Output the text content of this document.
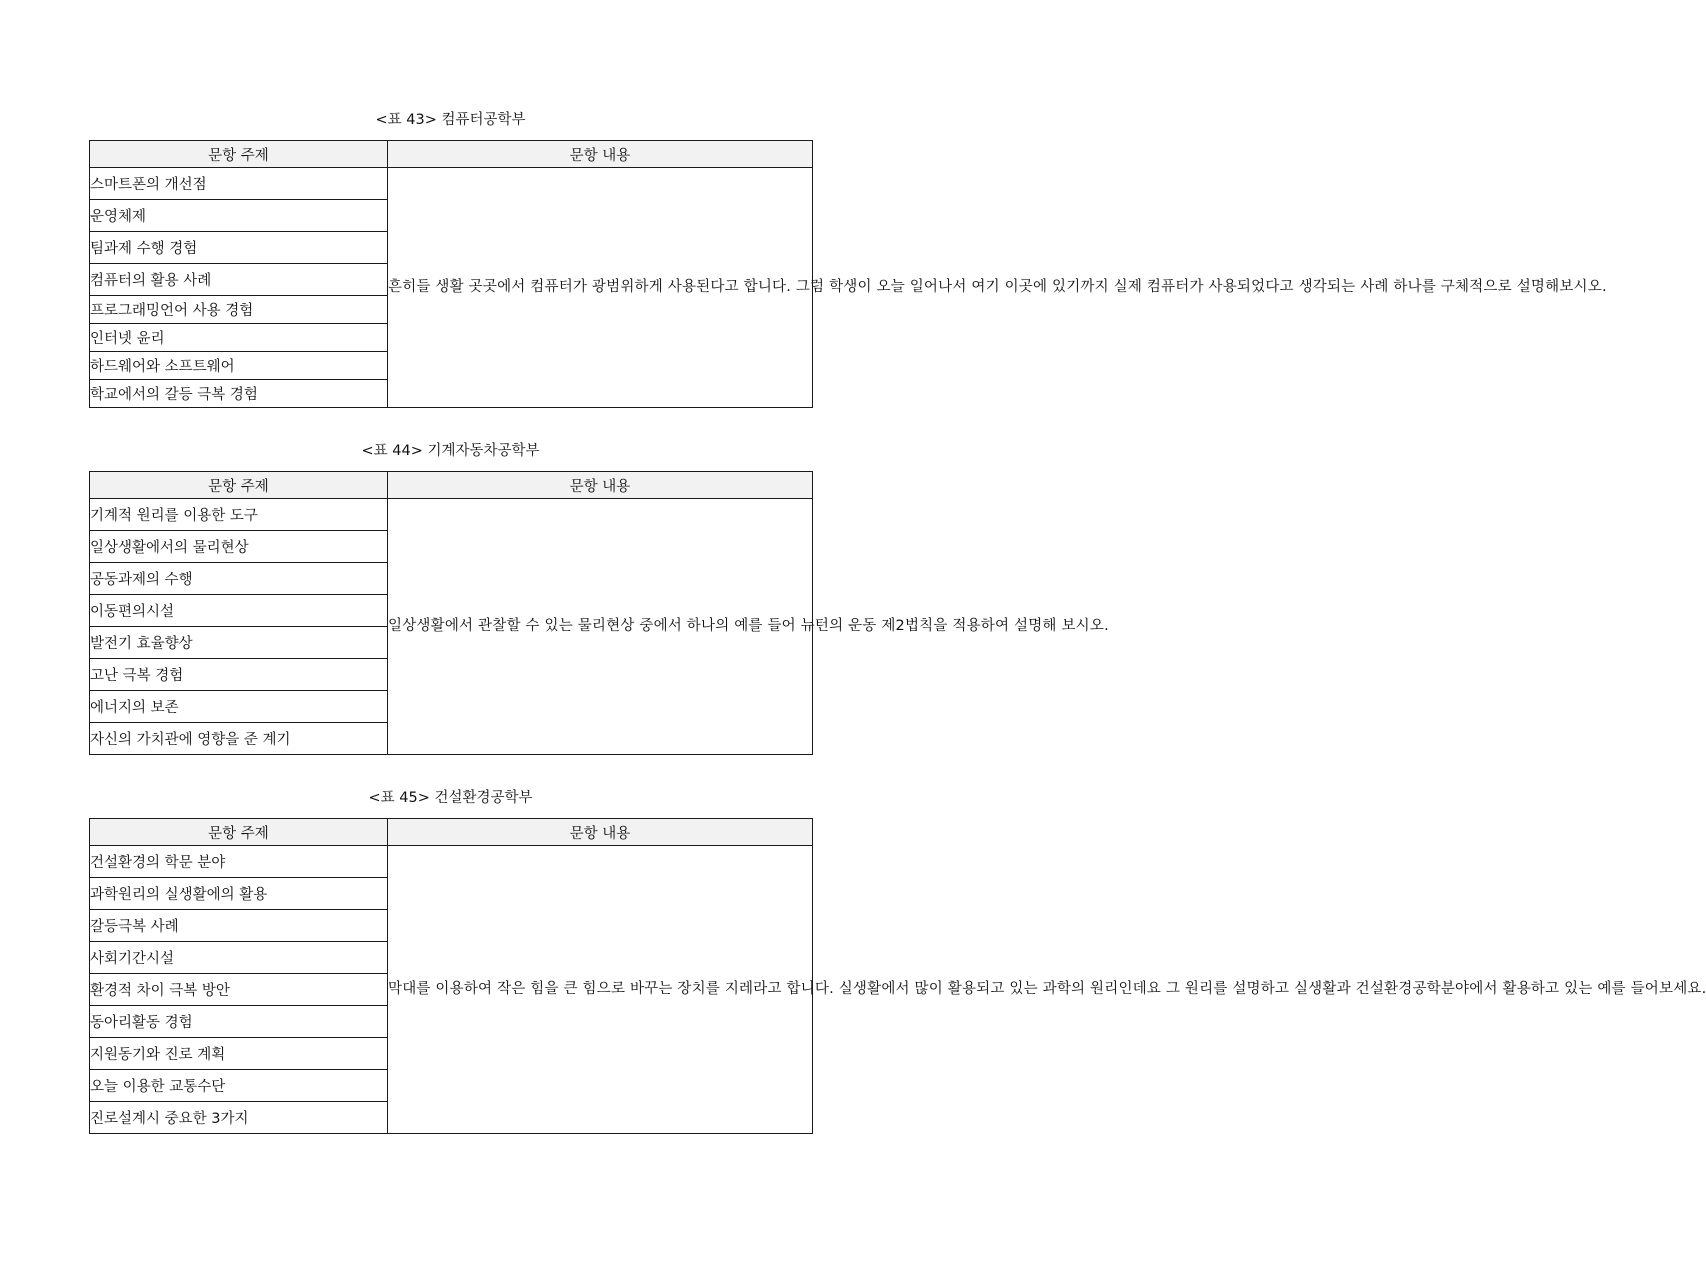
<표 43> 컴퓨터공학부
문항 주제	문항 내용
스마트폰의 개선점	흔히들 생활 곳곳에서 컴퓨터가 광범위하게 사용된다고 합니다. 그럼 학생이 오늘 일어나서 여기 이곳에 있기까지 실제 컴퓨터가 사용되었다고 생각되는 사례 하나를 구체적으로 설명해보시오.
운영체제	
팀과제 수행 경험	
컴퓨터의 활용 사례	
프로그래밍언어 사용 경험	
인터넷 윤리	
하드웨어와 소프트웨어	
학교에서의 갈등 극복 경험	
<표 44> 기계자동차공학부
문항 주제	문항 내용
기계적 원리를 이용한 도구	일상생활에서 관찰할 수 있는 물리현상 중에서 하나의 예를 들어 뉴턴의 운동 제2법칙을 적용하여 설명해 보시오.
일상생활에서의 물리현상	
공동과제의 수행	
이동편의시설	
발전기 효율향상	
고난 극복 경험	
에너지의 보존	
자신의 가치관에 영향을 준 계기	
<표 45> 건설환경공학부
문항 주제	문항 내용
건설환경의 학문 분야	막대를 이용하여 작은 힘을 큰 힘으로 바꾸는 장치를 지레라고 합니다. 실생활에서 많이 활용되고 있는 과학의 원리인데요 그 원리를 설명하고 실생활과 건설환경공학분야에서 활용하고 있는 예를 들어보세요.
과학원리의 실생활에의 활용	
갈등극복 사례	
사회기간시설	
환경적 차이 극복 방안	
동아리활동 경험	
지원동기와 진로 계획	
오늘 이용한 교통수단	
진로설계시 중요한 3가지	
